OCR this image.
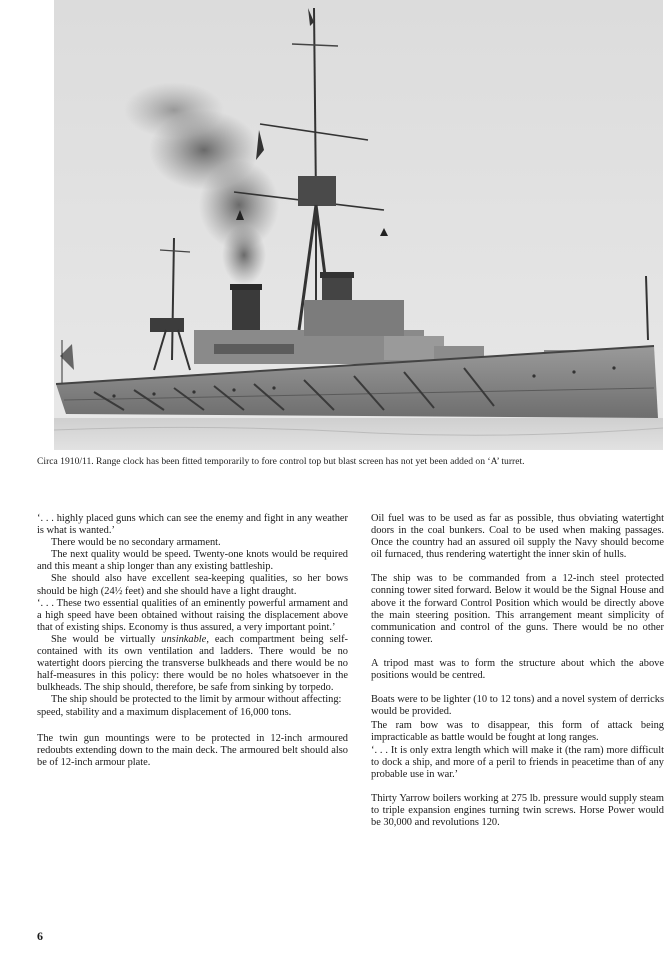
Circa 1910/11. Range clock has been fitted temporarily to fore control top but blast screen has not yet been added on ‘A’ turret.

‘. . . highly placed guns which can see the enemy and fight in any weather is what is wanted.’

There would be no secondary armament.

The next quality would be speed. Twenty-one knots would be required and this meant a ship longer than any existing battleship.

She should also have excellent sea-keeping qualities, so her bows should be high (24½ feet) and she should have a light draught.

‘. . . These two essential qualities of an eminently powerful armament and a high speed have been obtained without raising the displacement above that of existing ships. Economy is thus assured, a very important point.’

She would be virtually unsinkable, each compartment being self-contained with its own ventilation and ladders. There would be no watertight doors piercing the transverse bulkheads and there would be no half-measures in this policy: there would be no holes whatsoever in the bulkheads. The ship should, therefore, be safe from sinking by torpedo.

The ship should be protected to the limit by armour without affecting:

speed, stability and a maximum displacement of 16,000 tons.

The twin gun mountings were to be protected in 12-inch armoured redoubts extending down to the main deck. The armoured belt should also be of 12-inch armour plate.

Oil fuel was to be used as far as possible, thus obviating watertight doors in the coal bunkers. Coal to be used when making passages. Once the country had an assured oil supply the Navy should become oil furnaced, thus rendering watertight the inner skin of hulls.

The ship was to be commanded from a 12-inch steel protected conning tower sited forward. Below it would be the Signal House and above it the forward Control Position which would be directly above the main steering position. This arrangement meant simplicity of communication and control of the guns. There would be no other conning tower.

A tripod mast was to form the structure about which the above positions would be centred.

Boats were to be lighter (10 to 12 tons) and a novel system of derricks would be provided.

The ram bow was to disappear, this form of attack being impracticable as battle would be fought at long ranges.

‘. . . It is only extra length which will make it (the ram) more difficult to dock a ship, and more of a peril to friends in peacetime than of any probable use in war.’

Thirty Yarrow boilers working at 275 lb. pressure would supply steam to triple expansion engines turning twin screws. Horse Power would be 30,000 and revolutions 120.

6
